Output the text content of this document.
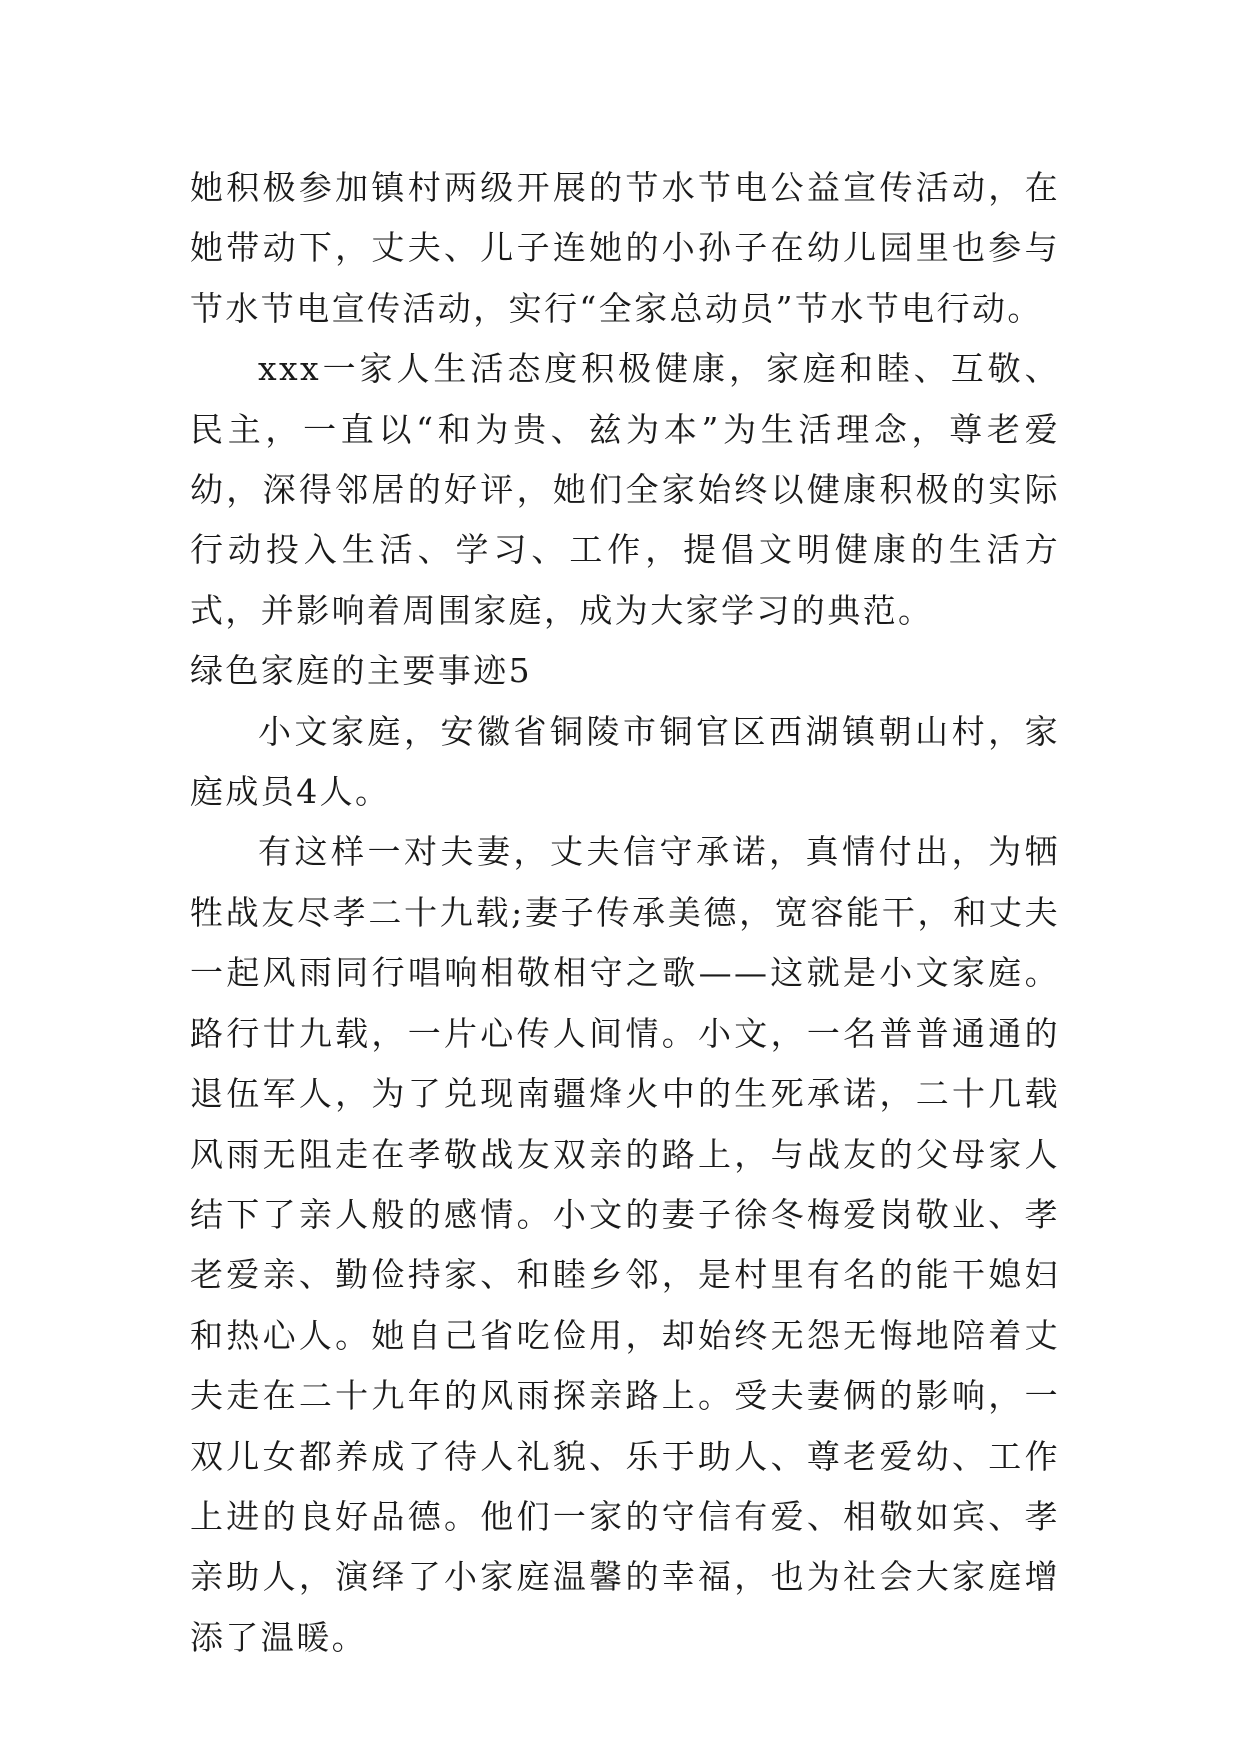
她积极参加镇村两级开展的节水节电公益宣传活动，在她带动下，丈夫、儿子连她的小孙子在幼儿园里也参与节水节电宣传活动，实行“全家总动员”节水节电行动。

xxx一家人生活态度积极健康，家庭和睦、互敬、民主，一直以“和为贵、兹为本”为生活理念，尊老爱幼，深得邻居的好评，她们全家始终以健康积极的实际行动投入生活、学习、工作，提倡文明健康的生活方式，并影响着周围家庭，成为大家学习的典范。

绿色家庭的主要事迹5

小文家庭，安徽省铜陵市铜官区西湖镇朝山村，家庭成员4人。

有这样一对夫妻，丈夫信守承诺，真情付出，为牺牲战友尽孝二十九载;妻子传承美德，宽容能干，和丈夫一起风雨同行唱响相敬相守之歌——这就是小文家庭。路行廿九载，一片心传人间情。小文，一名普普通通的退伍军人，为了兑现南疆烽火中的生死承诺，二十几载风雨无阻走在孝敬战友双亲的路上，与战友的父母家人结下了亲人般的感情。小文的妻子徐冬梅爱岗敬业、孝老爱亲、勤俭持家、和睦乡邻，是村里有名的能干媳妇和热心人。她自己省吃俭用，却始终无怨无悔地陪着丈夫走在二十九年的风雨探亲路上。受夫妻俩的影响，一双儿女都养成了待人礼貌、乐于助人、尊老爱幼、工作上进的良好品德。他们一家的守信有爱、相敬如宾、孝亲助人，演绎了小家庭温馨的幸福，也为社会大家庭增添了温暖。
